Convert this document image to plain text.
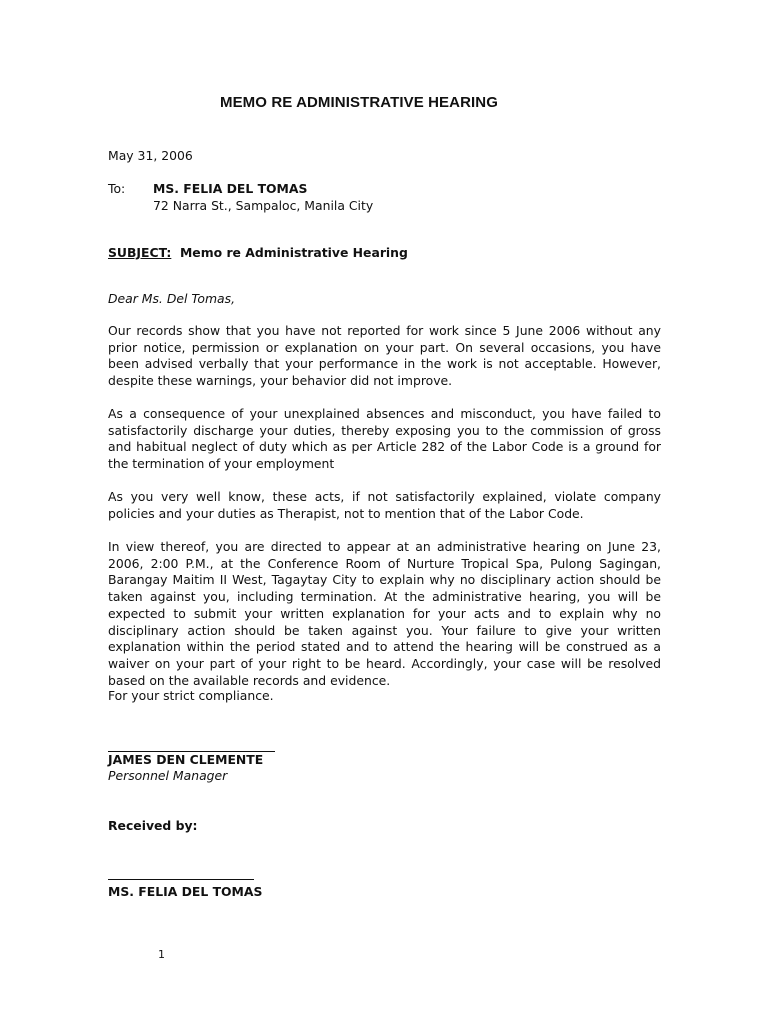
MEMO RE ADMINISTRATIVE HEARING
May 31, 2006
To: MS. FELIA DEL TOMAS
72 Narra St., Sampaloc, Manila City
SUBJECT: Memo re Administrative Hearing
Dear Ms. Del Tomas,
Our records show that you have not reported for work since 5 June 2006 without any prior notice, permission or explanation on your part. On several occasions, you have been advised verbally that your performance in the work is not acceptable. However, despite these warnings, your behavior did not improve.
As a consequence of your unexplained absences and misconduct, you have failed to satisfactorily discharge your duties, thereby exposing you to the commission of gross and habitual neglect of duty which as per Article 282 of the Labor Code is a ground for the termination of your employment
As you very well know, these acts, if not satisfactorily explained, violate company policies and your duties as Therapist, not to mention that of the Labor Code.
In view thereof, you are directed to appear at an administrative hearing on June 23, 2006, 2:00 P.M., at the Conference Room of Nurture Tropical Spa, Pulong Sagingan, Barangay Maitim II West, Tagaytay City to explain why no disciplinary action should be taken against you, including termination. At the administrative hearing, you will be expected to submit your written explanation for your acts and to explain why no disciplinary action should be taken against you. Your failure to give your written explanation within the period stated and to attend the hearing will be construed as a waiver on your part of your right to be heard. Accordingly, your case will be resolved based on the available records and evidence.
For your strict compliance.
JAMES DEN CLEMENTE
Personnel Manager
Received by:
MS. FELIA DEL TOMAS
1
